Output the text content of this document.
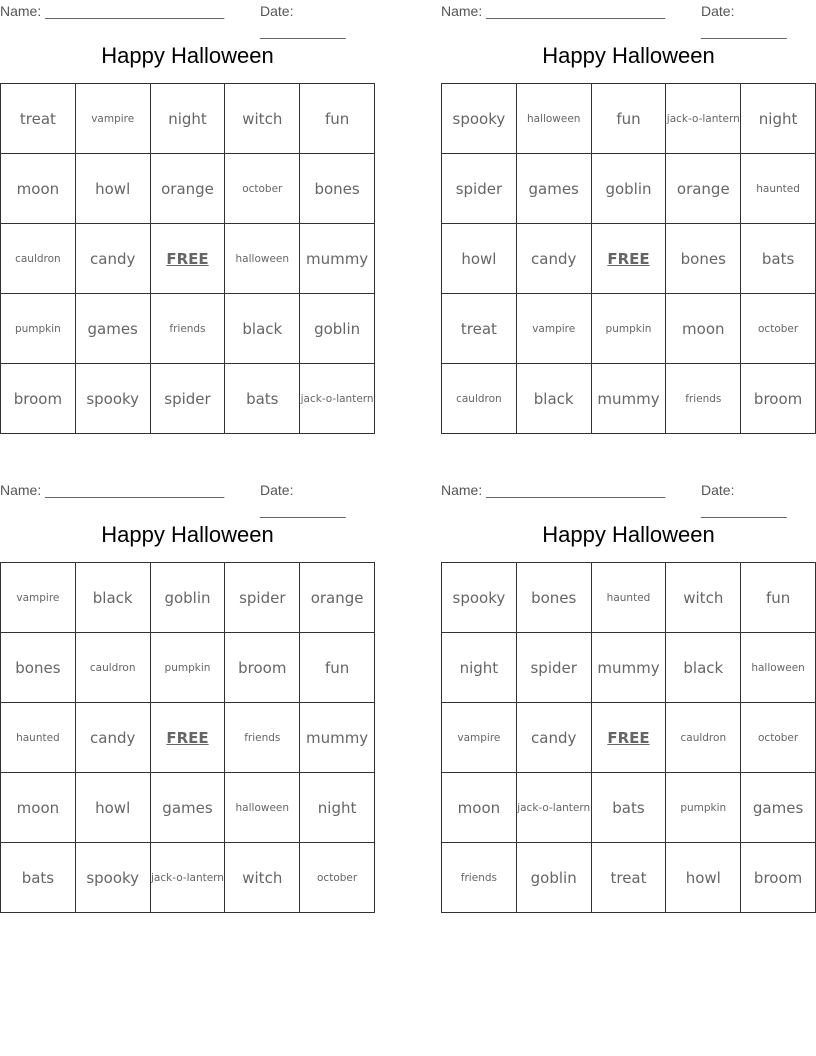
Name: _______________________	Date: ___________
Happy Halloween
treat	vampire	night	witch	fun
moon	howl	orange	october	bones
cauldron	candy	FREE	halloween	mummy
pumpkin	games	friends	black	goblin
broom	spooky	spider	bats	jack-o-lantern
Name: _______________________	Date: ___________
Happy Halloween
spooky	halloween	fun	jack-o-lantern	night
spider	games	goblin	orange	haunted
howl	candy	FREE	bones	bats
treat	vampire	pumpkin	moon	october
cauldron	black	mummy	friends	broom
Name: _______________________	Date: ___________
Happy Halloween
vampire	black	goblin	spider	orange
bones	cauldron	pumpkin	broom	fun
haunted	candy	FREE	friends	mummy
moon	howl	games	halloween	night
bats	spooky	jack-o-lantern	witch	october
Name: _______________________	Date: ___________
Happy Halloween
spooky	bones	haunted	witch	fun
night	spider	mummy	black	halloween
vampire	candy	FREE	cauldron	october
moon	jack-o-lantern	bats	pumpkin	games
friends	goblin	treat	howl	broom
